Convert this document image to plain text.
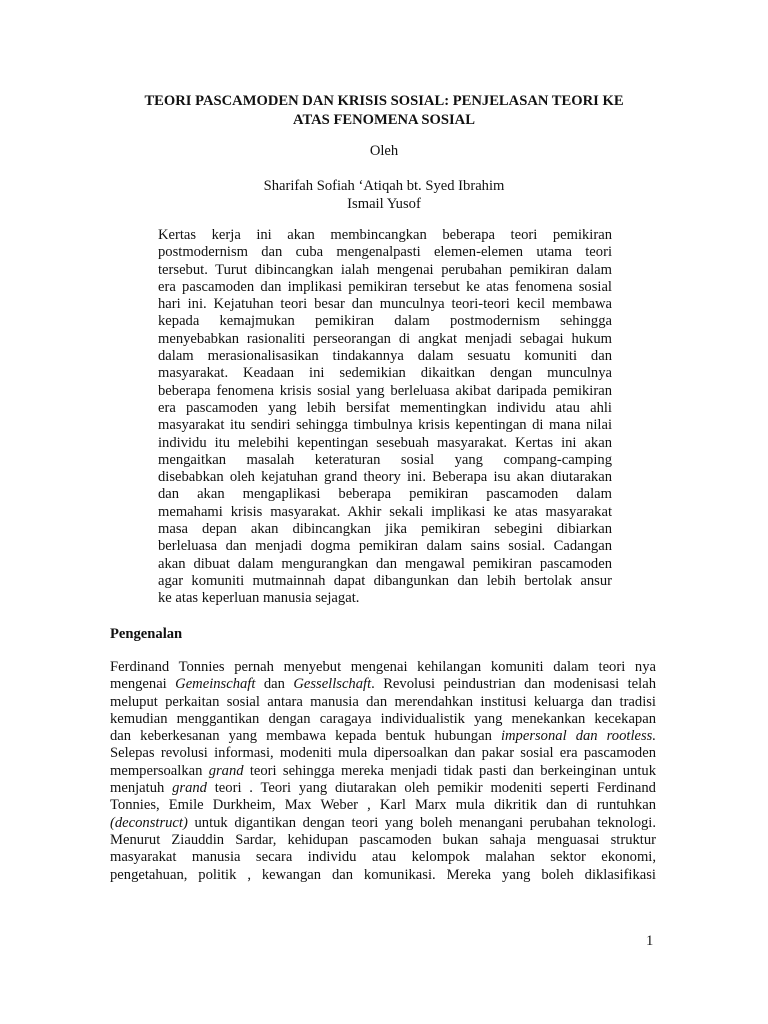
TEORI PASCAMODEN DAN KRISIS SOSIAL: PENJELASAN TEORI KE
ATAS FENOMENA SOSIAL
Oleh
Sharifah Sofiah ‘Atiqah bt. Syed Ibrahim
Ismail Yusof
Kertas kerja ini akan membincangkan beberapa teori pemikiran
postmodernism dan cuba mengenalpasti elemen-elemen utama teori
tersebut. Turut dibincangkan ialah mengenai perubahan pemikiran dalam
era pascamoden dan implikasi pemikiran tersebut ke atas fenomena sosial
hari ini. Kejatuhan teori besar dan munculnya teori-teori kecil membawa
kepada kemajmukan pemikiran dalam postmodernism sehingga
menyebabkan rasionaliti perseorangan di angkat menjadi sebagai hukum
dalam merasionalisasikan tindakannya dalam sesuatu komuniti dan
masyarakat. Keadaan ini sedemikian dikaitkan dengan munculnya
beberapa fenomena krisis sosial yang berleluasa akibat daripada pemikiran
era pascamoden yang lebih bersifat mementingkan individu atau ahli
masyarakat itu sendiri sehingga timbulnya krisis kepentingan di mana nilai
individu itu melebihi kepentingan sesebuah masyarakat. Kertas ini akan
mengaitkan masalah keteraturan sosial yang compang-camping
disebabkan oleh kejatuhan grand theory ini. Beberapa isu akan diutarakan
dan akan mengaplikasi beberapa pemikiran pascamoden dalam
memahami krisis masyarakat. Akhir sekali implikasi ke atas masyarakat
masa depan akan dibincangkan jika pemikiran sebegini dibiarkan
berleluasa dan menjadi dogma pemikiran dalam sains sosial. Cadangan
akan dibuat dalam mengurangkan dan mengawal pemikiran pascamoden
agar komuniti mutmainnah dapat dibangunkan dan lebih bertolak ansur
ke atas keperluan manusia sejagat.
Pengenalan
Ferdinand Tonnies pernah menyebut mengenai kehilangan komuniti dalam teori nya
mengenai Gemeinschaft dan Gessellschaft. Revolusi peindustrian dan modenisasi telah
meluput perkaitan sosial antara manusia dan merendahkan institusi keluarga dan tradisi
kemudian menggantikan dengan caragaya individualistik yang menekankan kecekapan
dan keberkesanan yang membawa kepada bentuk hubungan impersonal dan rootless.
Selepas revolusi informasi, modeniti mula dipersoalkan dan pakar sosial era pascamoden
mempersoalkan grand teori sehingga mereka menjadi tidak pasti dan berkeinginan untuk
menjatuh grand teori . Teori yang diutarakan oleh pemikir modeniti seperti Ferdinand
Tonnies, Emile Durkheim, Max Weber , Karl Marx mula dikritik dan di runtuhkan
(deconstruct) untuk digantikan dengan teori yang boleh menangani perubahan teknologi.
Menurut Ziauddin Sardar, kehidupan pascamoden bukan sahaja menguasai struktur
masyarakat manusia secara individu atau kelompok malahan sektor ekonomi,
pengetahuan, politik , kewangan dan komunikasi. Mereka yang boleh diklasifikasi
1
